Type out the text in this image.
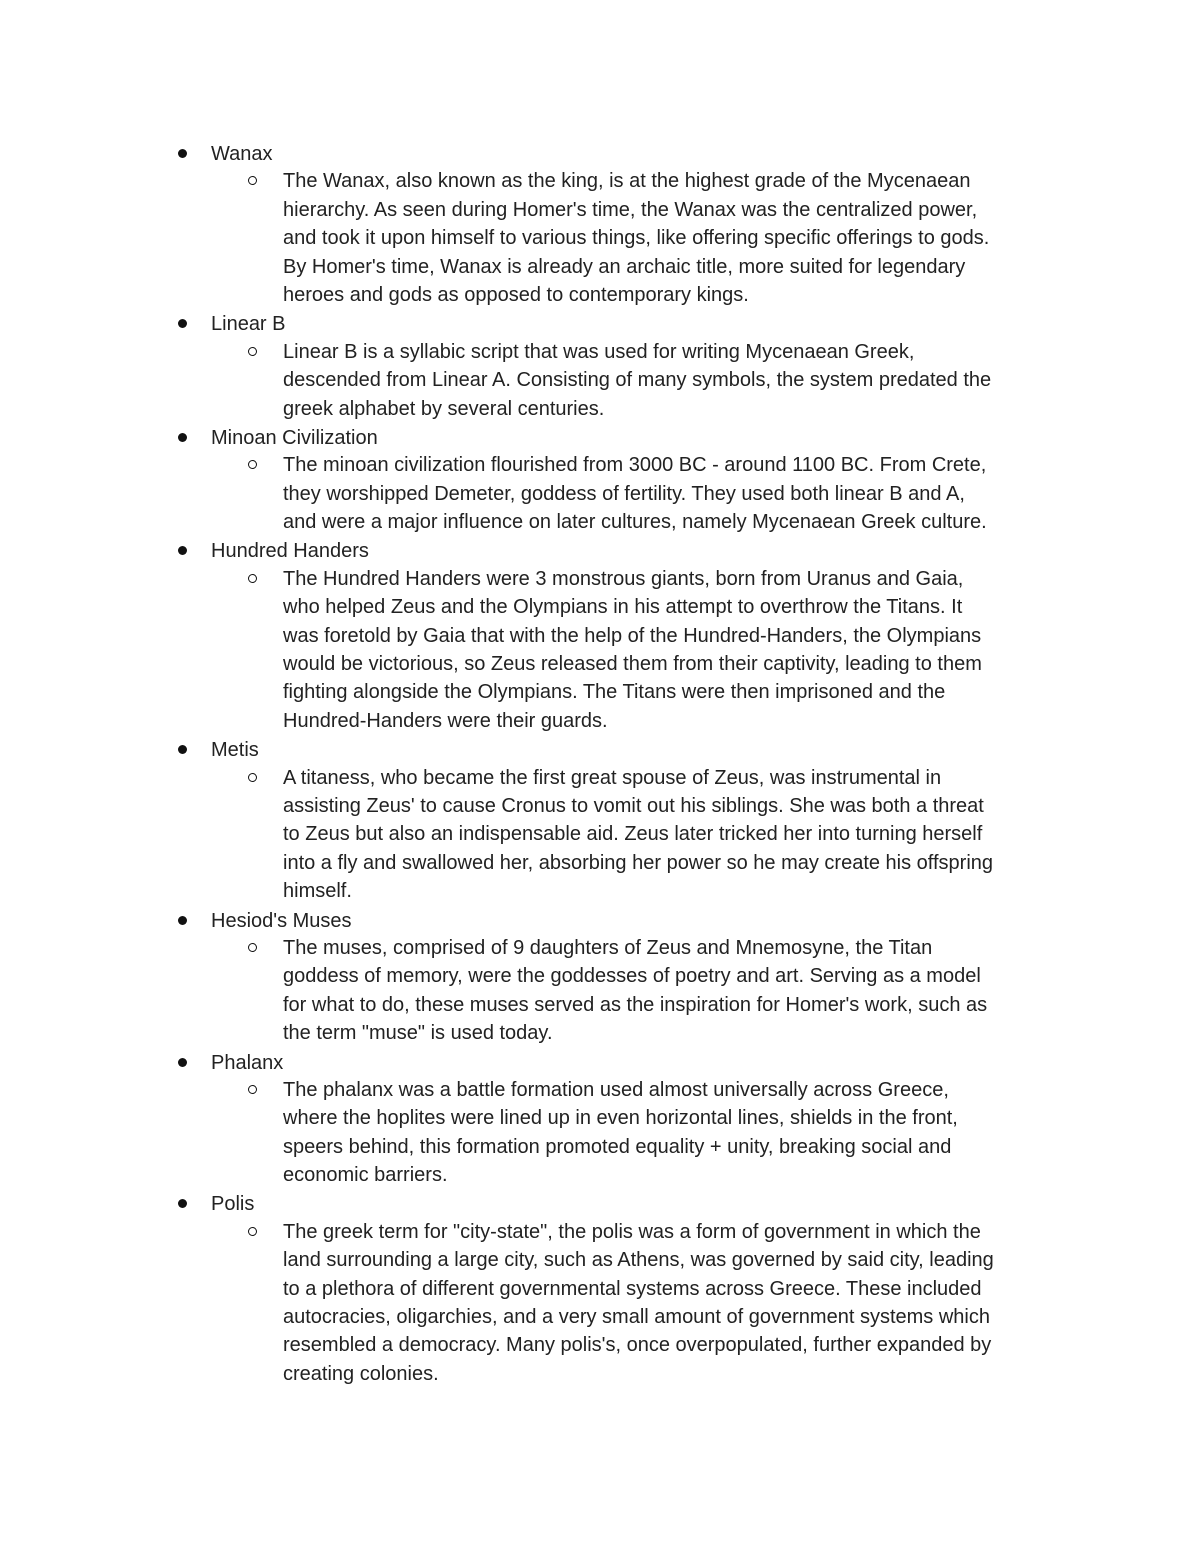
Wanax
The Wanax, also known as the king, is at the highest grade of the Mycenaean
hierarchy. As seen during Homer's time, the Wanax was the centralized power,
and took it upon himself to various things, like offering specific offerings to gods.
By Homer's time, Wanax is already an archaic title, more suited for legendary
heroes and gods as opposed to contemporary kings.
Linear B
Linear B is a syllabic script that was used for writing Mycenaean Greek,
descended from Linear A. Consisting of many symbols, the system predated the
greek alphabet by several centuries.
Minoan Civilization
The minoan civilization flourished from 3000 BC - around 1100 BC. From Crete,
they worshipped Demeter, goddess of fertility. They used both linear B and A,
and were a major influence on later cultures, namely Mycenaean Greek culture.
Hundred Handers
The Hundred Handers were 3 monstrous giants, born from Uranus and Gaia,
who helped Zeus and the Olympians in his attempt to overthrow the Titans. It
was foretold by Gaia that with the help of the Hundred-Handers, the Olympians
would be victorious, so Zeus released them from their captivity, leading to them
fighting alongside the Olympians. The Titans were then imprisoned and the
Hundred-Handers were their guards.
Metis
A titaness, who became the first great spouse of Zeus, was instrumental in
assisting Zeus' to cause Cronus to vomit out his siblings. She was both a threat
to Zeus but also an indispensable aid. Zeus later tricked her into turning herself
into a fly and swallowed her, absorbing her power so he may create his offspring
himself.
Hesiod's Muses
The muses, comprised of 9 daughters of Zeus and Mnemosyne, the Titan
goddess of memory, were the goddesses of poetry and art. Serving as a model
for what to do, these muses served as the inspiration for Homer's work, such as
the term "muse" is used today.
Phalanx
The phalanx was a battle formation used almost universally across Greece,
where the hoplites were lined up in even horizontal lines, shields in the front,
speers behind, this formation promoted equality + unity, breaking social and
economic barriers.
Polis
The greek term for "city-state", the polis was a form of government in which the
land surrounding a large city, such as Athens, was governed by said city, leading
to a plethora of different governmental systems across Greece. These included
autocracies, oligarchies, and a very small amount of government systems which
resembled a democracy. Many polis's, once overpopulated, further expanded by
creating colonies.
